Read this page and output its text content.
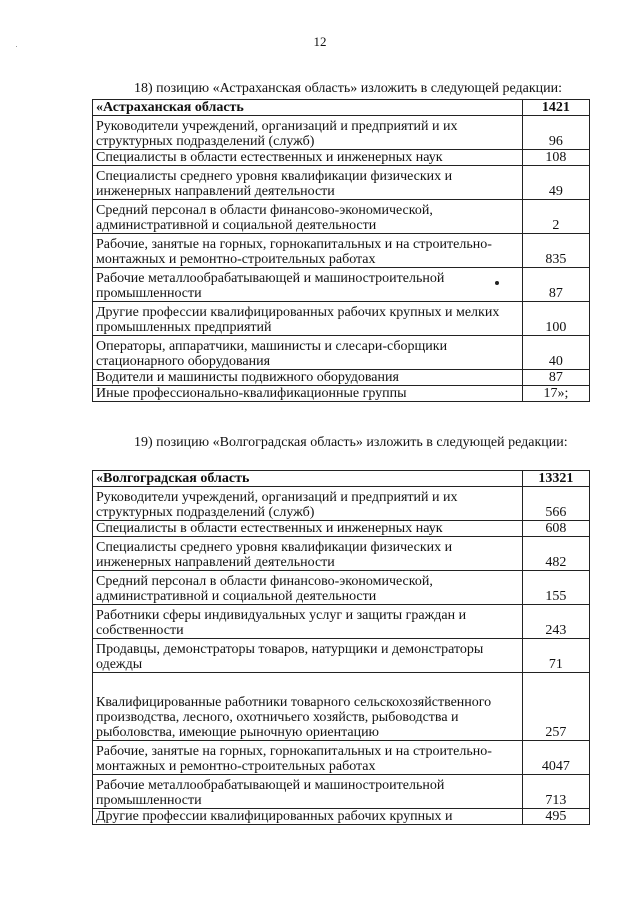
12
18) позицию «Астраханская область» изложить в следующей редакции:
«Астраханская область	1421
Руководители учреждений, организаций и предприятий и их структурных подразделений (служб)	96
Специалисты в области естественных и инженерных наук	108
Специалисты среднего уровня квалификации физических и инженерных направлений деятельности	49
Средний персонал в области финансово-экономической, административной и социальной деятельности	2
Рабочие, занятые на горных, горнокапитальных и на строительно-монтажных и ремонтно-строительных работах	835
Рабочие металлообрабатывающей и машиностроительной промышленности	87
Другие профессии квалифицированных рабочих крупных и мелких промышленных предприятий	100
Операторы, аппаратчики, машинисты и слесари-сборщики стационарного оборудования	40
Водители и машинисты подвижного оборудования	87
Иные профессионально-квалификационные группы	17»;
19) позицию «Волгоградская область» изложить в следующей редакции:
«Волгоградская область	13321
Руководители учреждений, организаций и предприятий и их структурных подразделений (служб)	566
Специалисты в области естественных и инженерных наук	608
Специалисты среднего уровня квалификации физических и инженерных направлений деятельности	482
Средний персонал в области финансово-экономической, административной и социальной деятельности	155
Работники сферы индивидуальных услуг и защиты граждан и собственности	243
Продавцы, демонстраторы товаров, натурщики и демонстраторы одежды	71
Квалифицированные работники товарного сельскохозяйственного производства, лесного, охотничьего хозяйств, рыбоводства и рыболовства, имеющие рыночную ориентацию	257
Рабочие, занятые на горных, горнокапитальных и на строительно-монтажных и ремонтно-строительных работах	4047
Рабочие металлообрабатывающей и машиностроительной промышленности	713
Другие профессии квалифицированных рабочих крупных и	495
